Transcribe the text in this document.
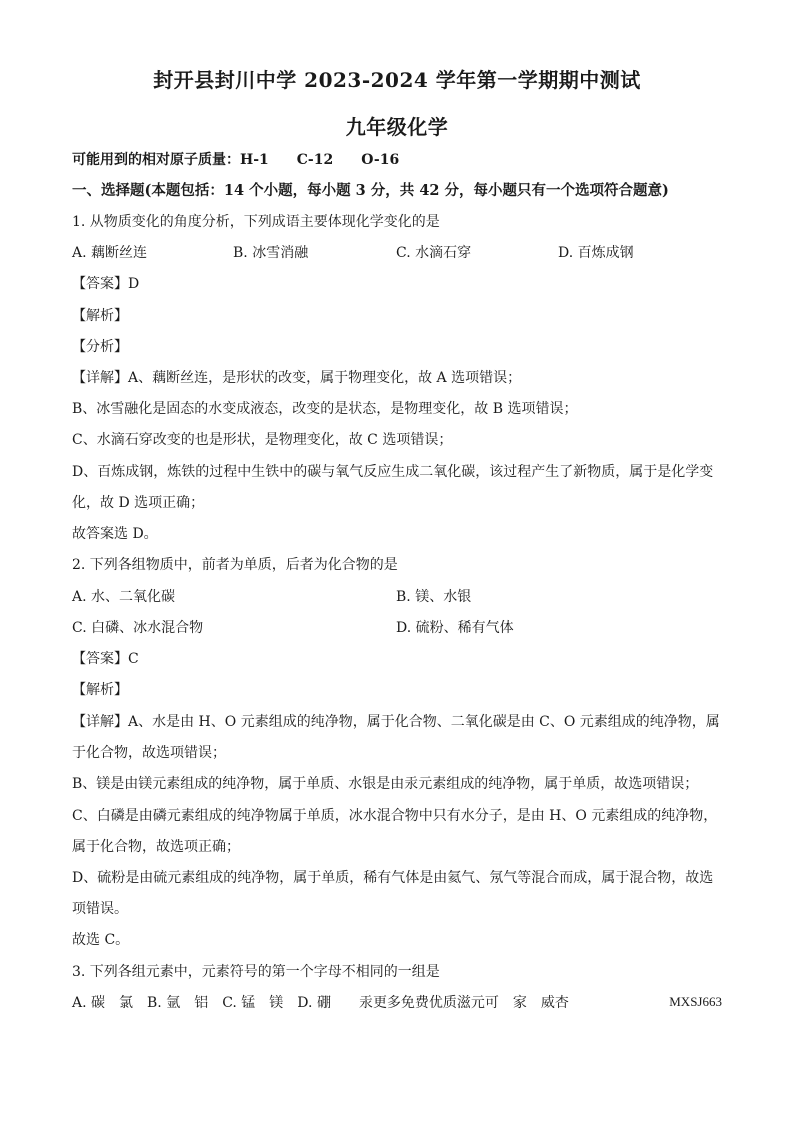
封开县封川中学 2023-2024 学年第一学期期中测试
九年级化学
可能用到的相对原子质量：H-1　　C-12　　O-16
一、选择题(本题包括：14 个小题，每小题 3 分，共 42 分，每小题只有一个选项符合题意)
1. 从物质变化的角度分析，下列成语主要体现化学变化的是
A. 藕断丝连	B. 冰雪消融	C. 水滴石穿	D. 百炼成钢
【答案】D
【解析】
【分析】
【详解】A、藕断丝连，是形状的改变，属于物理变化，故 A 选项错误；
B、冰雪融化是固态的水变成液态，改变的是状态，是物理变化，故 B 选项错误；
C、水滴石穿改变的也是形状，是物理变化，故 C 选项错误；
D、百炼成钢，炼铁的过程中生铁中的碳与氧气反应生成二氧化碳，该过程产生了新物质，属于是化学变
化，故 D 选项正确；
故答案选 D。
2. 下列各组物质中，前者为单质，后者为化合物的是
A. 水、二氧化碳	B. 镁、水银
C. 白磷、冰水混合物	D. 硫粉、稀有气体
【答案】C
【解析】
【详解】A、水是由 H、O 元素组成的纯净物，属于化合物、二氧化碳是由 C、O 元素组成的纯净物，属
于化合物，故选项错误；
B、镁是由镁元素组成的纯净物，属于单质、水银是由汞元素组成的纯净物，属于单质，故选项错误；
C、白磷是由磷元素组成的纯净物属于单质，冰水混合物中只有水分子，是由 H、O 元素组成的纯净物，
属于化合物，故选项正确；
D、硫粉是由硫元素组成的纯净物，属于单质，稀有气体是由氦气、氖气等混合而成，属于混合物，故选
项错误。
故选 C。
3. 下列各组元素中，元素符号的第一个字母不相同的一组是
A. 碳　氯　B. 氩　铝　C. 锰　镁　D. 硼　　汞更多免费优质滋元可　家　威杏	MXSJ663
